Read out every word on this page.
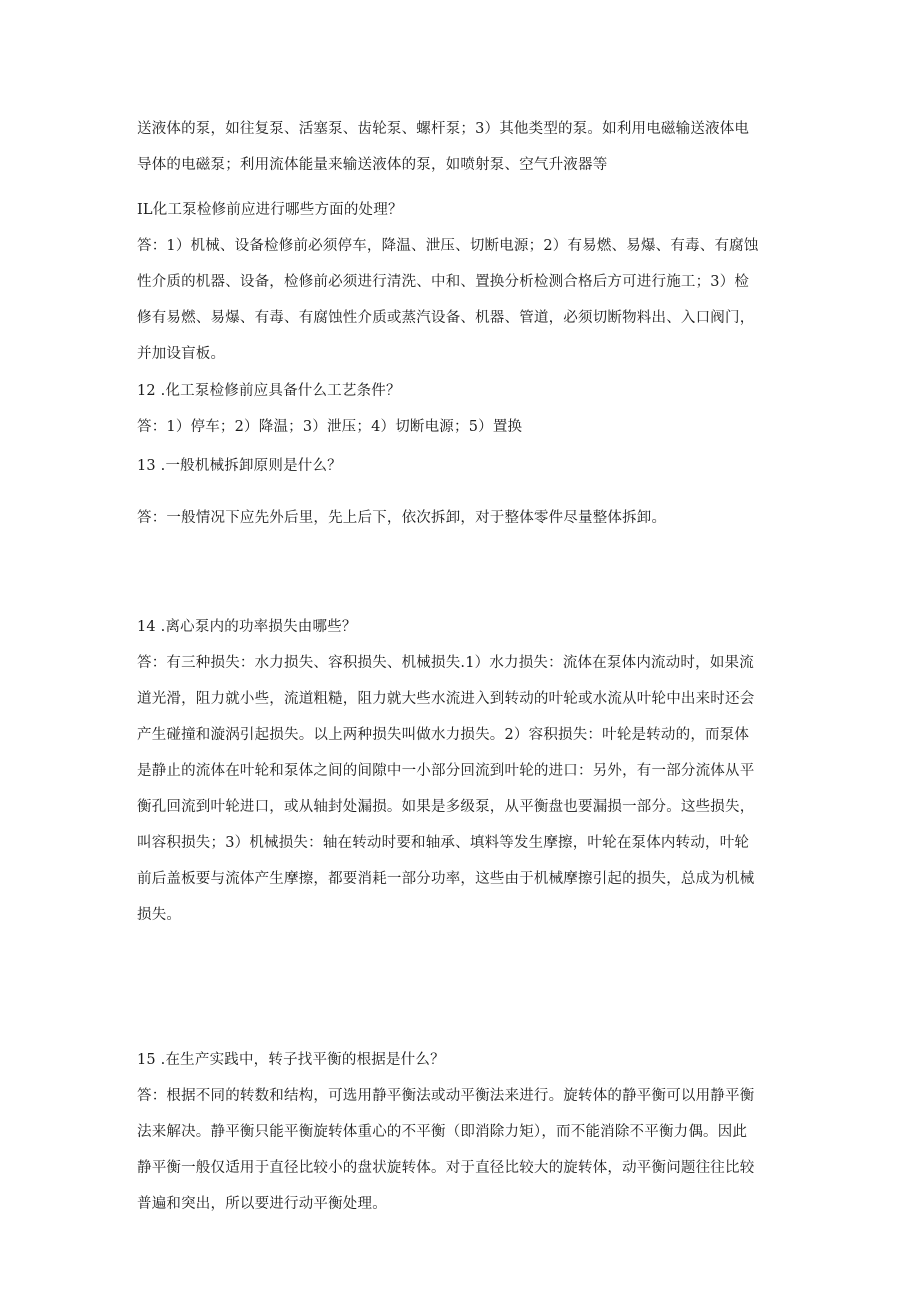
送液体的泵，如往复泵、活塞泵、齿轮泵、螺杆泵；3）其他类型的泵。如利用电磁输送液体电

导体的电磁泵；利用流体能量来输送液体的泵，如喷射泵、空气升液器等

IL化工泵检修前应进行哪些方面的处理？

答：1）机械、设备检修前必须停车，降温、泄压、切断电源；2）有易燃、易爆、有毒、有腐蚀

性介质的机器、设备，检修前必须进行清洗、中和、置换分析检测合格后方可进行施工；3）检

修有易燃、易爆、有毒、有腐蚀性介质或蒸汽设备、机器、管道，必须切断物料出、入口阀门，

并加设盲板。

12 .化工泵检修前应具备什么工艺条件？

答：1）停车；2）降温；3）泄压；4）切断电源；5）置换

13 .一般机械拆卸原则是什么？

答：一般情况下应先外后里，先上后下，依次拆卸，对于整体零件尽量整体拆卸。

14 .离心泵内的功率损失由哪些？

答：有三种损失：水力损失、容积损失、机械损失.1）水力损失：流体在泵体内流动时，如果流

道光滑，阻力就小些，流道粗糙，阻力就大些水流进入到转动的叶轮或水流从叶轮中出来时还会

产生碰撞和漩涡引起损失。以上两种损失叫做水力损失。2）容积损失：叶轮是转动的，而泵体

是静止的流体在叶轮和泵体之间的间隙中一小部分回流到叶轮的进口：另外，有一部分流体从平

衡孔回流到叶轮进口，或从轴封处漏损。如果是多级泵，从平衡盘也要漏损一部分。这些损失，

叫容积损失；3）机械损失：轴在转动时要和轴承、填料等发生摩擦，叶轮在泵体内转动，叶轮

前后盖板要与流体产生摩擦，都要消耗一部分功率，这些由于机械摩擦引起的损失，总成为机械

损失。

15 .在生产实践中，转子找平衡的根据是什么？

答：根据不同的转数和结构，可选用静平衡法或动平衡法来进行。旋转体的静平衡可以用静平衡

法来解决。静平衡只能平衡旋转体重心的不平衡（即消除力矩），而不能消除不平衡力偶。因此

静平衡一般仅适用于直径比较小的盘状旋转体。对于直径比较大的旋转体，动平衡问题往往比较

普遍和突出，所以要进行动平衡处理。
